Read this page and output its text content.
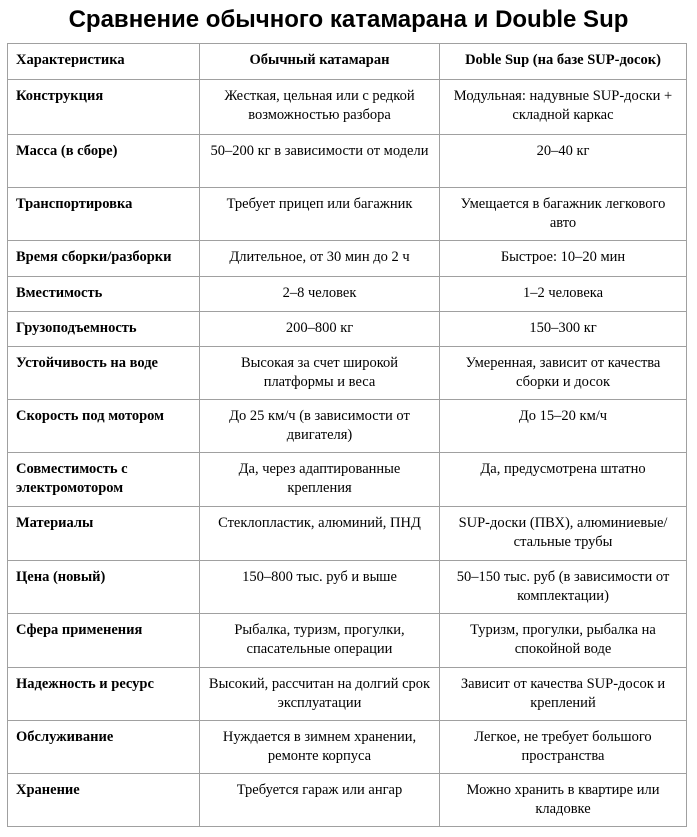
Сравнение обычного катамарана и Double Sup
Характеристика	Обычный катамаран	Doble Sup (на базе SUP-досок)
Конструкция	Жесткая, цельная или с редкой возможностью разбора	Модульная: надувные SUP-доски + складной каркас
Масса (в сборе)	50–200 кг в зависимости от модели	20–40 кг
Транспортировка	Требует прицеп или багажник	Умещается в багажник легкового авто
Время сборки/разборки	Длительное, от 30 мин до 2 ч	Быстрое: 10–20 мин
Вместимость	2–8 человек	1–2 человека
Грузоподъемность	200–800 кг	150–300 кг
Устойчивость на воде	Высокая за счет широкой платформы и веса	Умеренная, зависит от качества сборки и досок
Скорость под мотором	До 25 км/ч (в зависимости от двигателя)	До 15–20 км/ч
Совместимость с электромотором	Да, через адаптированные крепления	Да, предусмотрена штатно
Материалы	Стеклопластик, алюминий, ПНД	SUP-доски (ПВХ), алюминиевые/стальные трубы
Цена (новый)	150–800 тыс. руб и выше	50–150 тыс. руб (в зависимости от комплектации)
Сфера применения	Рыбалка, туризм, прогулки, спасательные операции	Туризм, прогулки, рыбалка на спокойной воде
Надежность и ресурс	Высокий, рассчитан на долгий срок эксплуатации	Зависит от качества SUP-досок и креплений
Обслуживание	Нуждается в зимнем хранении, ремонте корпуса	Легкое, не требует большого пространства
Хранение	Требуется гараж или ангар	Можно хранить в квартире или кладовке
